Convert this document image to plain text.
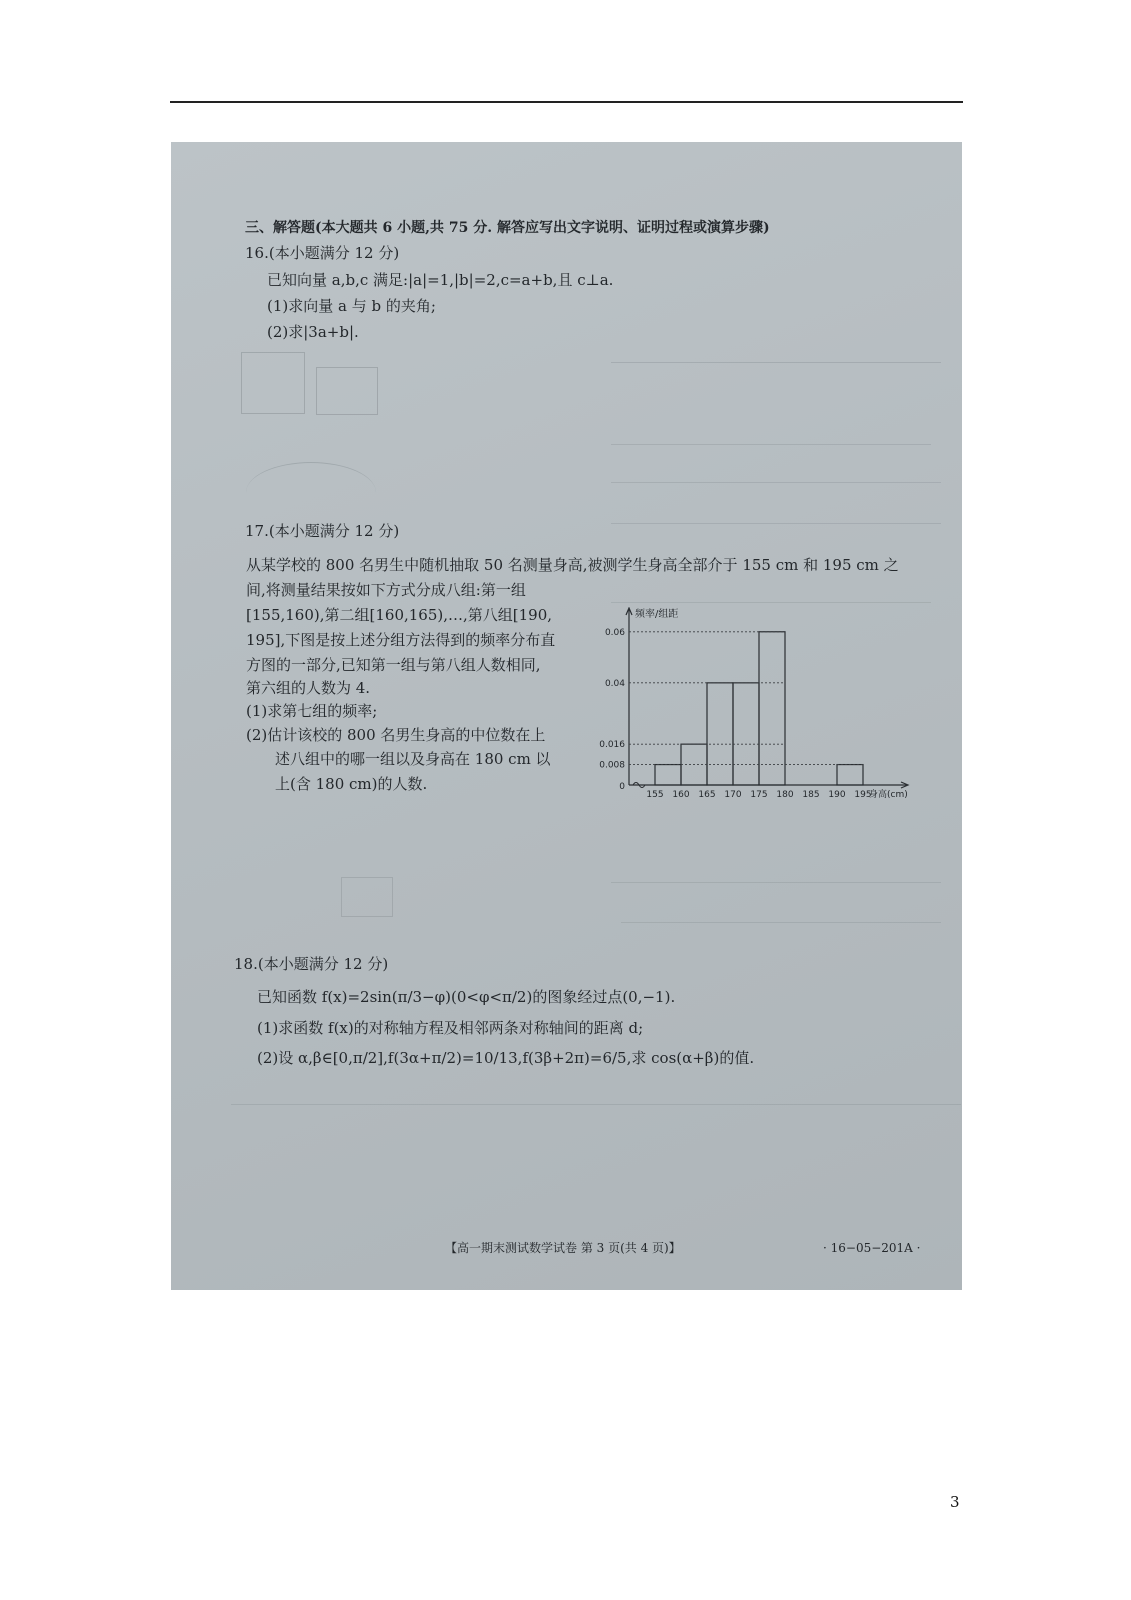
三、解答题(本大题共 6 小题,共 75 分. 解答应写出文字说明、证明过程或演算步骤)
16.(本小题满分 12 分)
已知向量 a,b,c 满足:|a|=1,|b|=2,c=a+b,且 c⊥a.
(1)求向量 a 与 b 的夹角;
(2)求|3a+b|.
17.(本小题满分 12 分)
从某学校的 800 名男生中随机抽取 50 名测量身高,被测学生身高全部介于 155 cm 和 195 cm 之
间,将测量结果按如下方式分成八组:第一组
[155,160),第二组[160,165),…,第八组[190,
195],下图是按上述分组方法得到的频率分布直
方图的一部分,已知第一组与第八组人数相同,
第六组的人数为 4.
(1)求第七组的频率;
(2)估计该校的 800 名男生身高的中位数在上
述八组中的哪一组以及身高在 180 cm 以
上(含 180 cm)的人数.
0.06
0.04
0.016
0.008
0
155 160 165 170 175 180 185 190 195
频率/组距
身高(cm)
18.(本小题满分 12 分)
已知函数 f(x)=2sin(π/3−φ)(0<φ<π/2)的图象经过点(0,−1).
(1)求函数 f(x)的对称轴方程及相邻两条对称轴间的距离 d;
(2)设 α,β∈[0,π/2],f(3α+π/2)=10/13,f(3β+2π)=6/5,求 cos(α+β)的值.
【高一期末测试数学试卷 第 3 页(共 4 页)】	· 16−05−201A ·
3
